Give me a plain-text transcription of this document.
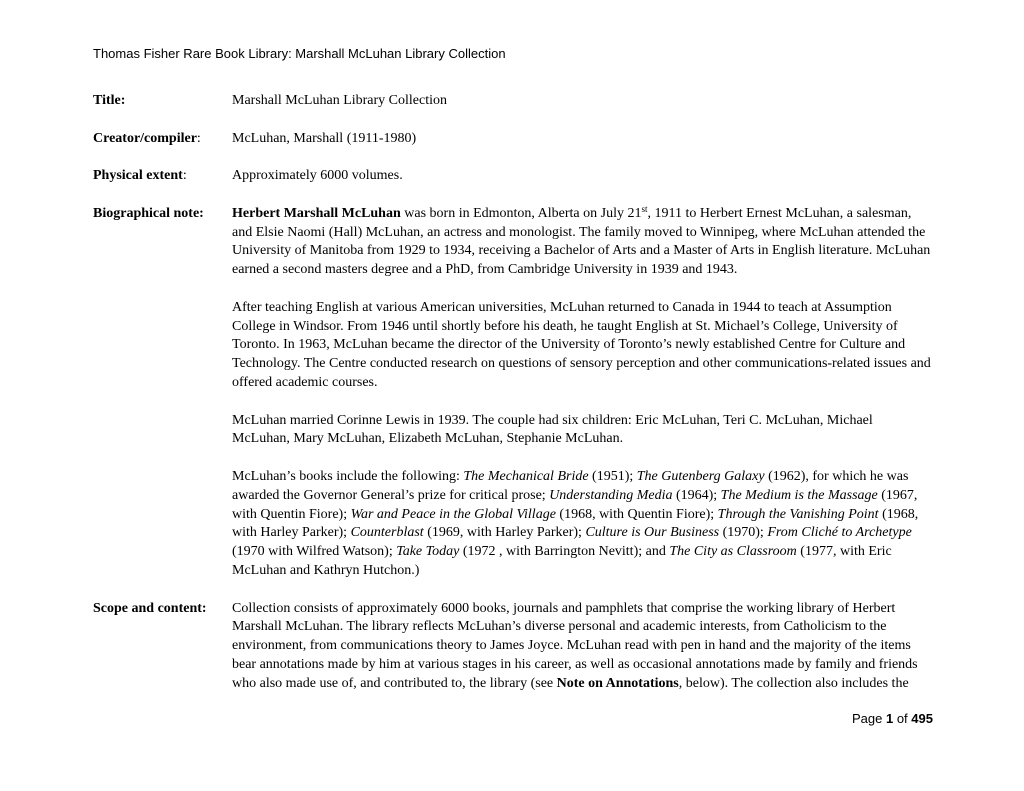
Thomas Fisher Rare Book Library: Marshall McLuhan Library Collection
Title:	Marshall McLuhan Library Collection
Creator/compiler:	McLuhan, Marshall (1911-1980)
Physical extent:	Approximately 6000 volumes.
Biographical note:	Herbert Marshall McLuhan was born in Edmonton, Alberta on July 21st, 1911 to Herbert Ernest McLuhan, a salesman, and Elsie Naomi (Hall) McLuhan, an actress and monologist. The family moved to Winnipeg, where McLuhan attended the University of Manitoba from 1929 to 1934, receiving a Bachelor of Arts and a Master of Arts in English literature. McLuhan earned a second masters degree and a PhD, from Cambridge University in 1939 and 1943.

After teaching English at various American universities, McLuhan returned to Canada in 1944 to teach at Assumption College in Windsor. From 1946 until shortly before his death, he taught English at St. Michael’s College, University of Toronto. In 1963, McLuhan became the director of the University of Toronto’s newly established Centre for Culture and Technology. The Centre conducted research on questions of sensory perception and other communications-related issues and offered academic courses.

McLuhan married Corinne Lewis in 1939. The couple had six children: Eric McLuhan, Teri C. McLuhan, Michael McLuhan, Mary McLuhan, Elizabeth McLuhan, Stephanie McLuhan.

McLuhan’s books include the following: The Mechanical Bride (1951); The Gutenberg Galaxy (1962), for which he was awarded the Governor General’s prize for critical prose; Understanding Media (1964); The Medium is the Massage (1967, with Quentin Fiore); War and Peace in the Global Village (1968, with Quentin Fiore); Through the Vanishing Point (1968, with Harley Parker); Counterblast (1969, with Harley Parker); Culture is Our Business (1970); From Cliché to Archetype (1970 with Wilfred Watson); Take Today (1972 , with Barrington Nevitt); and The City as Classroom (1977, with Eric McLuhan and Kathryn Hutchon.)

Scope and content:	Collection consists of approximately 6000 books, journals and pamphlets that comprise the working library of Herbert Marshall McLuhan. The library reflects McLuhan’s diverse personal and academic interests, from Catholicism to the environment, from communications theory to James Joyce. McLuhan read with pen in hand and the majority of the items bear annotations made by him at various stages in his career, as well as occasional annotations made by family and friends who also made use of, and contributed to, the library (see Note on Annotations, below). The collection also includes the

Page 1 of 495
